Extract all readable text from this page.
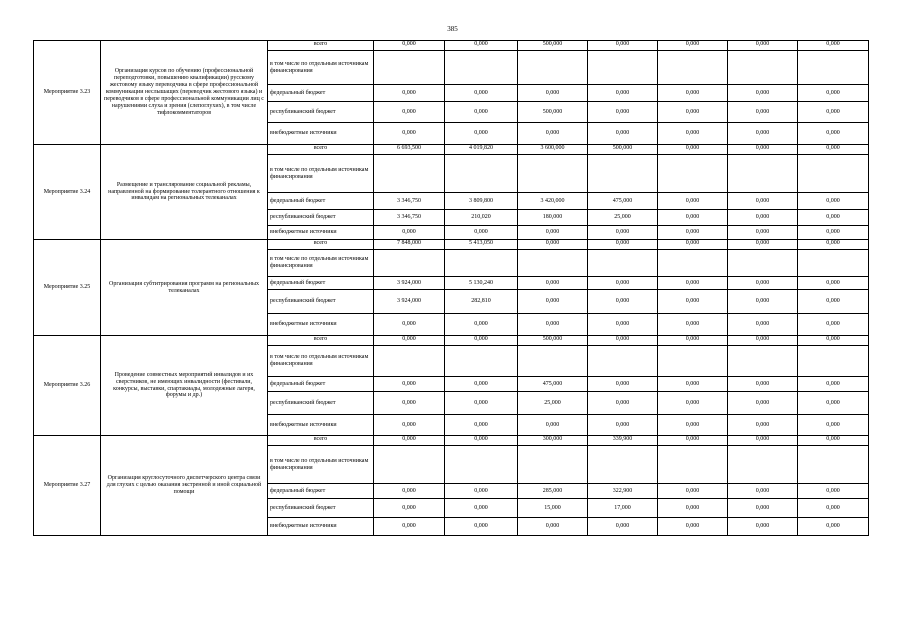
385
Мероприятие 3.23	Организация курсов по обучению (профессиональной переподготовки, повышению квалификации) русскому жестовому языку переводчика в сфере профессиональной коммуникации неслышащих (переводчик жестового языка) и переводчиков в сфере профессиональной коммуникации лиц с нарушениями слуха и зрения (слепоглухих), в том числе тифлокомментаторов	всего	0,000	0,000	500,000	0,000	0,000	0,000	0,000
		в том числе по отдельным источникам финансирования							
		федеральный бюджет	0,000	0,000	0,000	0,000	0,000	0,000	0,000
		республиканский бюджет	0,000	0,000	500,000	0,000	0,000	0,000	0,000
		внебюджетные источники	0,000	0,000	0,000	0,000	0,000	0,000	0,000
Мероприятие 3.24	Размещение и транслярование социальной рекламы, направленной на формирование толерантного отношения к инвалидам на региональных телеканалах	всего	6 693,500	4 019,820	3 600,000	500,000	0,000	0,000	0,000
		в том числе по отдельным источникам финансирования							
		федеральный бюджет	3 346,750	3 809,800	3 420,000	475,000	0,000	0,000	0,000
		республиканский бюджет	3 346,750	210,020	180,000	25,000	0,000	0,000	0,000
		внебюджетные источники	0,000	0,000	0,000	0,000	0,000	0,000	0,000
Мероприятие 3.25	Организация субтитрирования программ на региональных телеканалах	всего	7 848,000	5 413,050	0,000	0,000	0,000	0,000	0,000
		в том числе по отдельным источникам финансирования							
		федеральный бюджет	3 924,000	5 130,240	0,000	0,000	0,000	0,000	0,000
		республиканский бюджет	3 924,000	282,810	0,000	0,000	0,000	0,000	0,000
		внебюджетные источники	0,000	0,000	0,000	0,000	0,000	0,000	0,000
Мероприятие 3.26	Проведение совместных мероприятий инвалидов и их сверстников, не имеющих инвалидности (фестивали, конкурсы, выставки, спартакиады, молодежные лагеря, форумы и др.)	всего	0,000	0,000	500,000	0,000	0,000	0,000	0,000
		в том числе по отдельным источникам финансирования							
		федеральный бюджет	0,000	0,000	475,000	0,000	0,000	0,000	0,000
		республиканский бюджет	0,000	0,000	25,000	0,000	0,000	0,000	0,000
		внебюджетные источники	0,000	0,000	0,000	0,000	0,000	0,000	0,000
Мероприятие 3.27	Организация круглосуточного диспетчерского центра связи для глухих с целью оказания экстренной и иной социальной помощи	всего	0,000	0,000	300,000	339,900	0,000	0,000	0,000
		в том числе по отдельным источникам финансирования							
		федеральный бюджет	0,000	0,000	285,000	322,900	0,000	0,000	0,000
		республиканский бюджет	0,000	0,000	15,000	17,000	0,000	0,000	0,000
		внебюджетные источники	0,000	0,000	0,000	0,000	0,000	0,000	0,000
